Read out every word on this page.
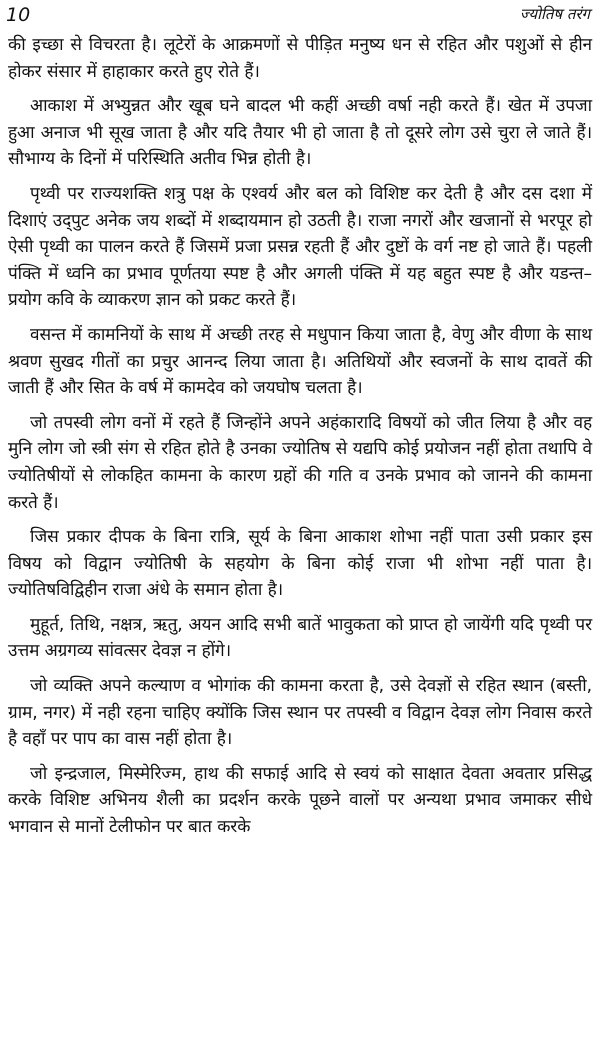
10	ज्योतिष तरंग

की इच्छा से विचरता है। लूटेरों के आक्रमणों से पीड़ित मनुष्य धन से रहित और पशुओं से हीन होकर संसार में हाहाकार करते हुए रोते हैं।

आकाश में अभ्युन्नत और खूब घने बादल भी कहीं अच्छी वर्षा नही करते हैं। खेत में उपजा हुआ अनाज भी सूख जाता है और यदि तैयार भी हो जाता है तो दूसरे लोग उसे चुरा ले जाते हैं। सौभाग्य के दिनों में परिस्थिति अतीव भिन्न होती है।

पृथ्वी पर राज्यशक्ति शत्रु पक्ष के एश्वर्य और बल को विशिष्ट कर देती है और दस दशा में दिशाएं उद्‌पुट अनेक जय शब्दों में शब्दायमान हो उठती है। राजा नगरों और खजानों से भरपूर हो ऐसी पृथ्वी का पालन करते हैं जिसमें प्रजा प्रसन्न रहती हैं और दुष्टों के वर्ग नष्ट हो जाते हैं। पहली पंक्ति में ध्वनि का प्रभाव पूर्णतया स्पष्ट है और अगली पंक्ति में यह बहुत स्पष्ट है और यडन्त–प्रयोग कवि के व्याकरण ज्ञान को प्रकट करते हैं।

वसन्त में कामनियों के साथ में अच्छी तरह से मधुपान किया जाता है, वेणु और वीणा के साथ श्रवण सुखद गीतों का प्रचुर आनन्द लिया जाता है। अतिथियों और स्वजनों के साथ दावतें की जाती हैं और सित के वर्ष में कामदेव को जयघोष चलता है।

जो तपस्वी लोग वनों में रहते हैं जिन्होंने अपने अहंकारादि विषयों को जीत लिया है और वह मुनि लोग जो स्त्री संग से रहित होते है उनका ज्योतिष से यद्यपि कोई प्रयोजन नहीं होता तथापि वे ज्योतिषीयों से लोकहित कामना के कारण ग्रहों की गति व उनके प्रभाव को जानने की कामना करते हैं।

जिस प्रकार दीपक के बिना रात्रि, सूर्य के बिना आकाश शोभा नहीं पाता उसी प्रकार इस विषय को विद्वान ज्योतिषी के सहयोग के बिना कोई राजा भी शोभा नहीं पाता है। ज्योतिषविद्विहीन राजा अंधे के समान होता है।

मुहूर्त, तिथि, नक्षत्र, ऋतु, अयन आदि सभी बातें भावुकता को प्राप्त हो जायेंगी यदि पृथ्वी पर उत्तम अग्रगव्य सांवत्सर देवज्ञ न होंगे।

जो व्यक्ति अपने कल्याण व भोगांक की कामना करता है, उसे देवज्ञों से रहित स्थान (बस्ती, ग्राम, नगर) में नही रहना चाहिए क्योंकि जिस स्थान पर तपस्वी व विद्वान देवज्ञ लोग निवास करते है वहाँ पर पाप का वास नहीं होता है।

जो इन्द्रजाल, मिस्मेरिज्म, हाथ की सफाई आदि से स्वयं को साक्षात देवता अवतार प्रसिद्ध करके विशिष्ट अभिनय शैली का प्रदर्शन करके पूछने वालों पर अन्यथा प्रभाव जमाकर सीधे भगवान से मानों टेलीफोन पर बात करके
